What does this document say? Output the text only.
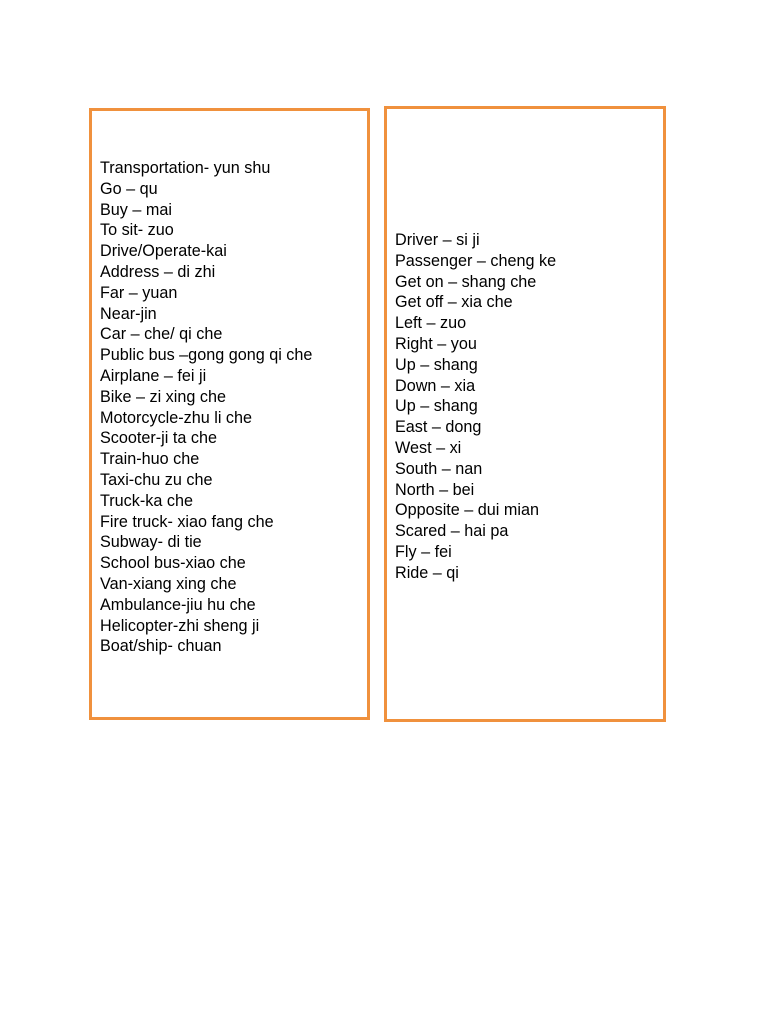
Transportation- yun shu
Go – qu
Buy – mai
To sit- zuo
Drive/Operate-kai
Address – di zhi
Far – yuan
Near-jin
Car – che/ qi che
Public bus –gong gong qi che
Airplane – fei ji
Bike – zi xing che
Motorcycle-zhu li che
Scooter-ji ta che
Train-huo che
Taxi-chu zu che
Truck-ka che
Fire truck- xiao fang che
Subway- di tie
School bus-xiao che
Van-xiang xing che
Ambulance-jiu hu che
Helicopter-zhi sheng ji
Boat/ship- chuan
Driver – si ji
Passenger – cheng ke
Get on – shang che
Get off – xia che
Left – zuo
Right – you
Up – shang
Down – xia
Up – shang
East – dong
West – xi
South – nan
North – bei
Opposite – dui mian
Scared – hai pa
Fly – fei
Ride – qi
